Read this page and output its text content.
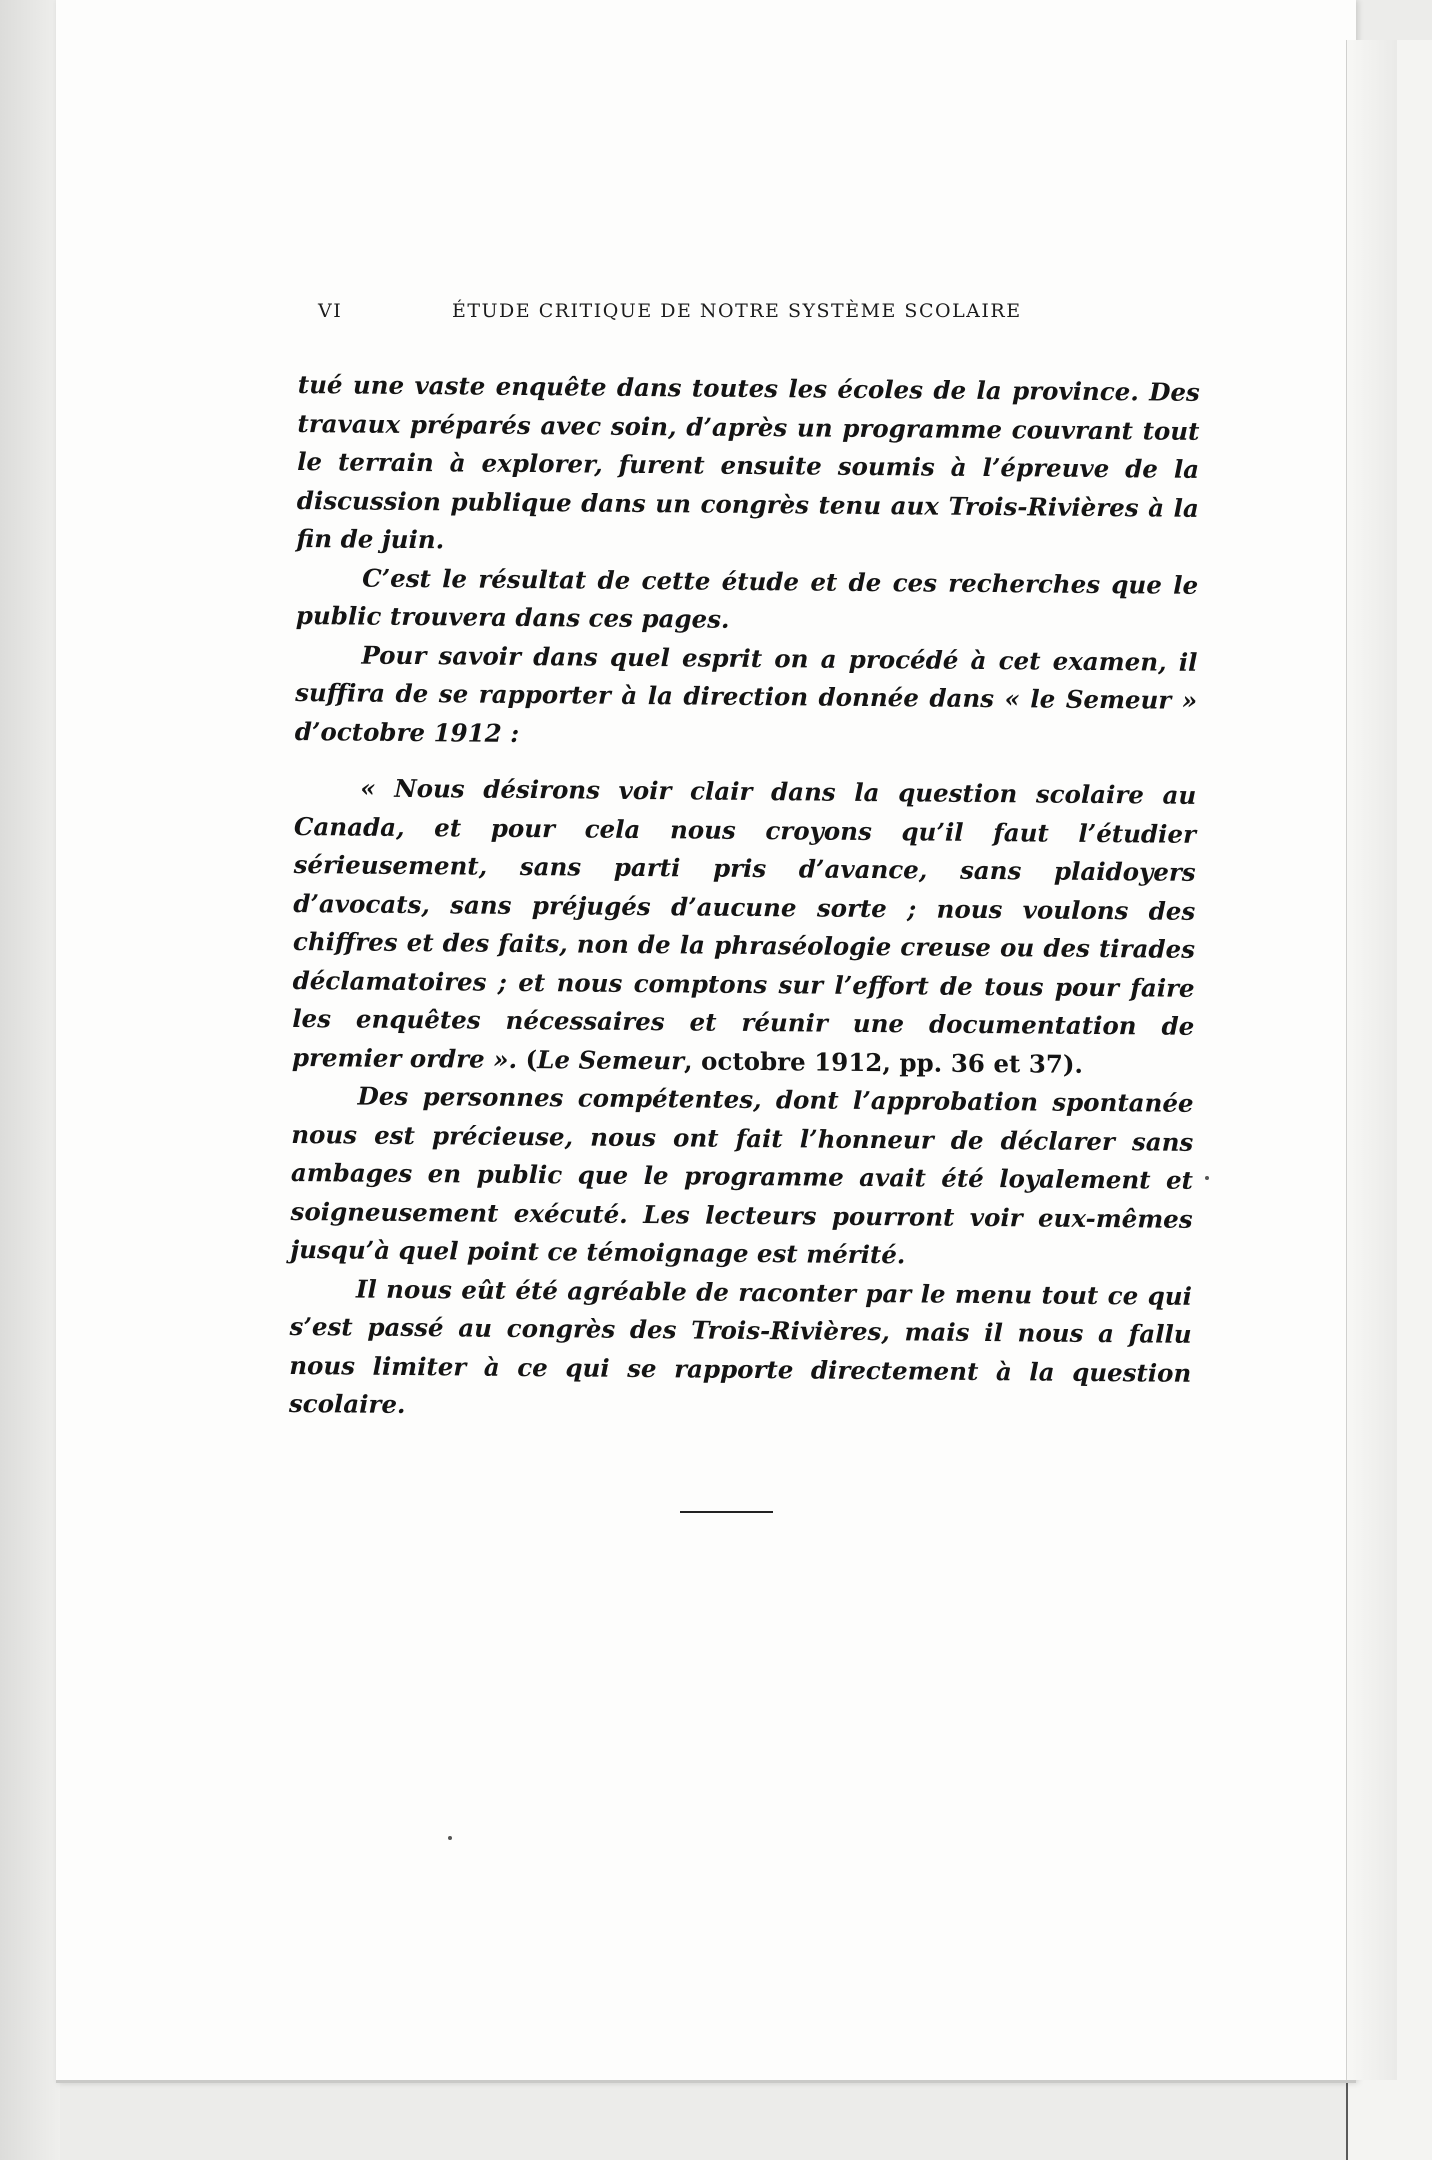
VI	ÉTUDE CRITIQUE DE NOTRE SYSTÈME SCOLAIRE

tué une vaste enquête dans toutes les écoles de la province. Des travaux préparés avec soin, d’après un programme couvrant tout le terrain à explorer, furent ensuite soumis à l’épreuve de la discussion publique dans un congrès tenu aux Trois-Rivières à la fin de juin.

C’est le résultat de cette étude et de ces recherches que le public trouvera dans ces pages.

Pour savoir dans quel esprit on a procédé à cet examen, il suffira de se rapporter à la direction donnée dans « le Semeur » d’octobre 1912 :

« Nous désirons voir clair dans la question scolaire au Canada, et pour cela nous croyons qu’il faut l’étudier sérieusement, sans parti pris d’avance, sans plaidoyers d’avocats, sans préjugés d’aucune sorte ; nous voulons des chiffres et des faits, non de la phraséologie creuse ou des tirades déclamatoires ; et nous comptons sur l’effort de tous pour faire les enquêtes nécessaires et réunir une documentation de premier ordre ». (Le Semeur, octobre 1912, pp. 36 et 37).

Des personnes compétentes, dont l’approbation spontanée nous est précieuse, nous ont fait l’honneur de déclarer sans ambages en public que le programme avait été loyalement et soigneusement exécuté. Les lecteurs pourront voir eux-mêmes jusqu’à quel point ce témoignage est mérité.

Il nous eût été agréable de raconter par le menu tout ce qui s’est passé au congrès des Trois-Rivières, mais il nous a fallu nous limiter à ce qui se rapporte directement à la question scolaire.
